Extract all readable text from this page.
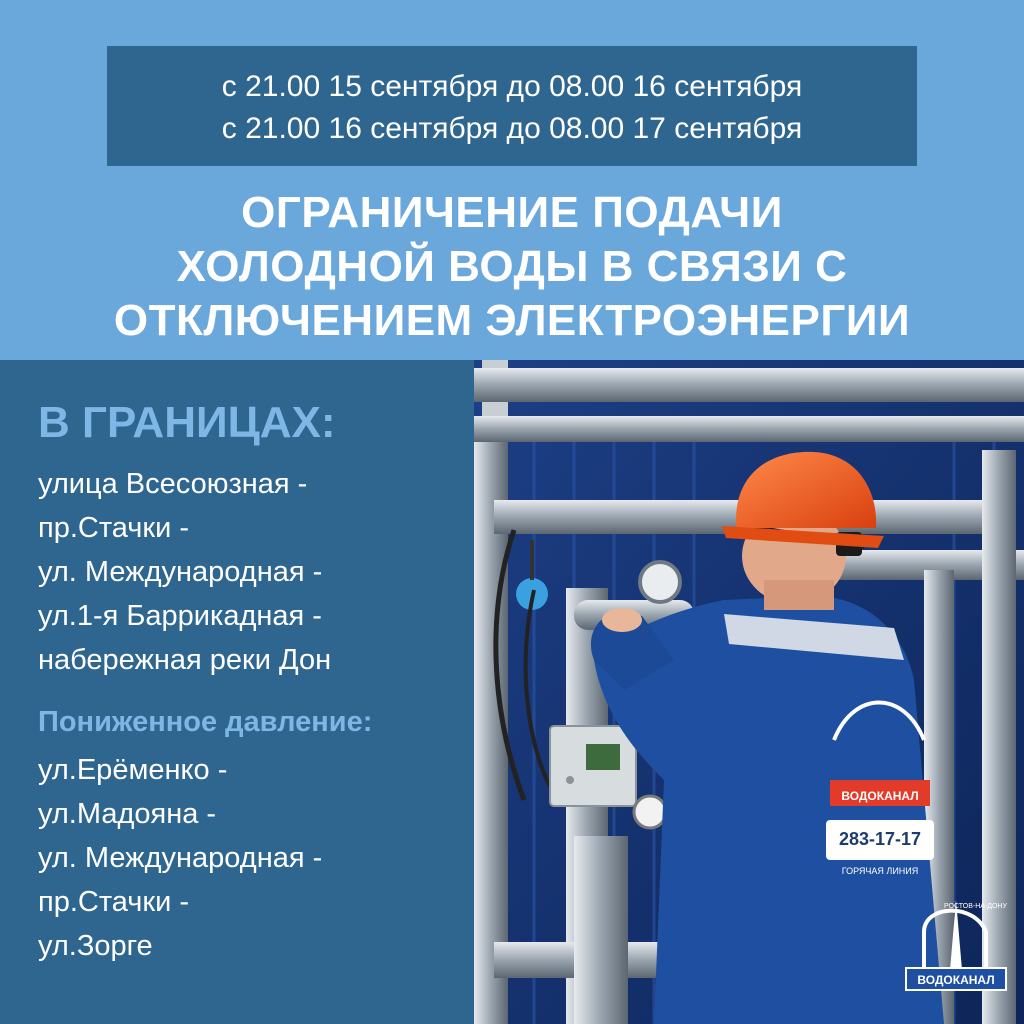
с 21.00 15 сентября до 08.00 16 сентября
с 21.00 16 сентября до 08.00 17 сентября
ОГРАНИЧЕНИЕ ПОДАЧИ
ХОЛОДНОЙ ВОДЫ В СВЯЗИ С
ОТКЛЮЧЕНИЕМ ЭЛЕКТРОЭНЕРГИИ
В ГРАНИЦАХ:
улица Всесоюзная -
пр.Стачки -
ул. Международная -
ул.1-я Баррикадная -
набережная реки Дон
Пониженное давление:
ул.Ерёменко -
ул.Мадояна -
ул. Международная -
пр.Стачки -
ул.Зорге
ВОДОКАНАЛ
283-17-17
ГОРЯЧАЯ ЛИНИЯ
РОСТОВ-НА-ДОНУ
ВОДОКАНАЛ
